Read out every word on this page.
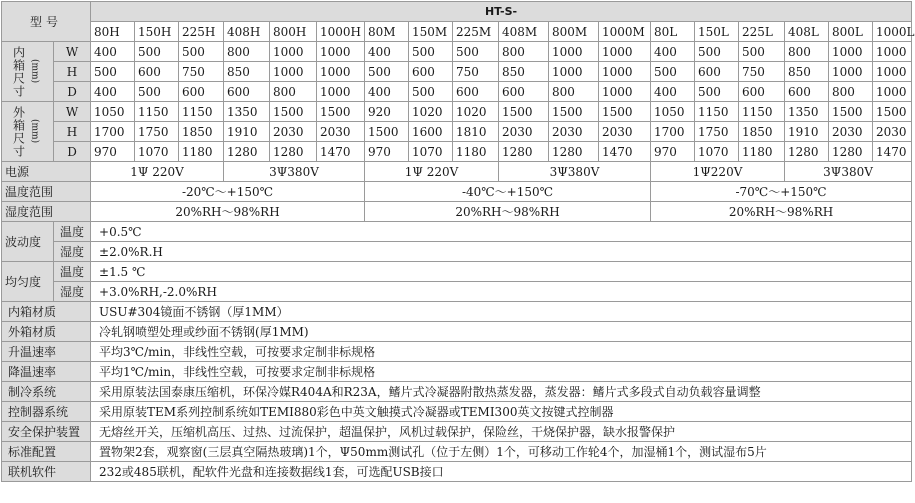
型号		HT-S-																	
		80H	150H	225H	408H	800H	1000H	80M	150M	225M	408M	800M	1000M	80L	150L	225L	408L	800L	1000L

内箱尺寸 (mm)	W	400	500	500	800	1000	1000	400	500	500	800	1000	1000	400	500	500	800	1000	1000
	H	500	600	750	850	1000	1000	500	600	750	850	1000	1000	500	600	750	850	1000	1000
	D	400	500	600	600	800	1000	400	500	600	600	800	1000	400	500	600	600	800	1000

外箱尺寸 (mm)	W	1050	1150	1150	1350	1500	1500	920	1020	1020	1500	1500	1500	1050	1150	1150	1350	1500	1500
	H	1700	1750	1850	1910	2030	2030	1500	1600	1810	2030	2030	2030	1700	1750	1850	1910	2030	2030
	D	970	1070	1180	1280	1280	1470	970	1070	1180	1280	1280	1470	970	1070	1180	1280	1280	1470
电源		1Ψ 220V			3Ψ380V			1Ψ 220V			3Ψ380V			1Ψ220V			3Ψ380V		
温度范围		-20℃～+150℃						-40℃～+150℃						-70℃～+150℃					
湿度范围		20%RH～98%RH						20%RH～98%RH						20%RH～98%RH					
波动度	温度	+0.5℃																	
	湿度	±2.0%R.H																	
均匀度	温度	±1.5 ℃																	
	湿度	+3.0%RH,-2.0%RH																	
内箱材质		USU#304镜面不锈钢（厚1MM）																	
外箱材质		冷轧钢喷塑处理或纱面不锈钢(厚1MM)																	
升温速率		平均3℃/min，非线性空载，可按要求定制非标规格																	
降温速率		平均1℃/min，非线性空载，可按要求定制非标规格																	
制冷系统		采用原装法国泰康压缩机，环保冷媒R404A和R23A，鳍片式冷凝器附散热蒸发器，蒸发器：鳍片式多段式自动负载容量调整																	
控制器系统		采用原装TEM系列控制系统如TEMI880彩色中英文触摸式冷凝器或TEMI300英文按键式控制器																	
安全保护装置		无熔丝开关，压缩机高压、过热、过流保护，超温保护，风机过载保护，保险丝，干烧保护器，缺水报警保护																	
标准配置		置物架2套，观察窗(三层真空隔热玻璃)1个，Ψ50mm测试孔（位于左侧）1个，可移动工作轮4个，加湿桶1个，测试湿布5片																	
联机软件		232或485联机，配软件光盘和连接数据线1套，可选配USB接口																	
